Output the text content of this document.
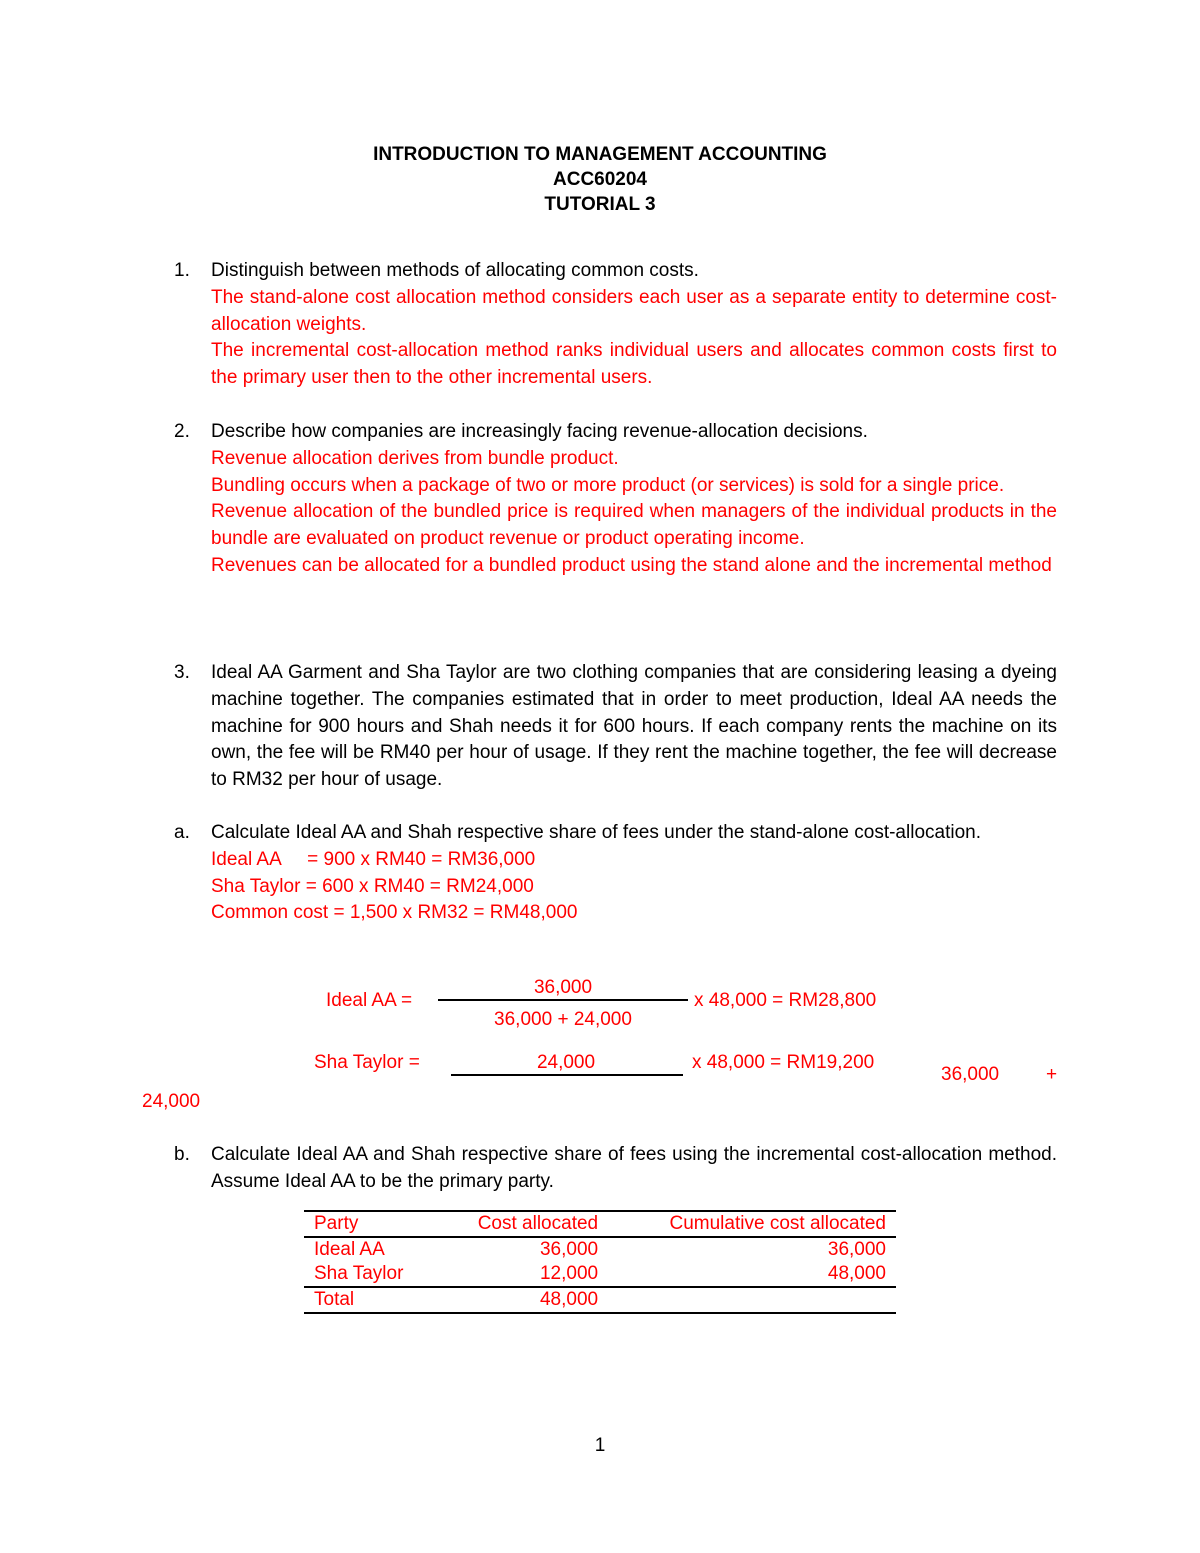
INTRODUCTION TO MANAGEMENT ACCOUNTING
ACC60204
TUTORIAL 3
1. Distinguish between methods of allocating common costs.
The stand-alone cost allocation method considers each user as a separate entity to determine cost-allocation weights.
The incremental cost-allocation method ranks individual users and allocates common costs first to the primary user then to the other incremental users.
2. Describe how companies are increasingly facing revenue-allocation decisions.
Revenue allocation derives from bundle product.
Bundling occurs when a package of two or more product (or services) is sold for a single price.
Revenue allocation of the bundled price is required when managers of the individual products in the bundle are evaluated on product revenue or product operating income.
Revenues can be allocated for a bundled product using the stand alone and the incremental method
3. Ideal AA Garment and Sha Taylor are two clothing companies that are considering leasing a dyeing machine together. The companies estimated that in order to meet production, Ideal AA needs the machine for 900 hours and Shah needs it for 600 hours. If each company rents the machine on its own, the fee will be RM40 per hour of usage. If they rent the machine together, the fee will decrease to RM32 per hour of usage.
a. Calculate Ideal AA and Shah respective share of fees under the stand-alone cost-allocation.
Ideal AA     = 900 x RM40 = RM36,000
Sha Taylor = 600 x RM40 = RM24,000
Common cost = 1,500 x RM32 = RM48,000
Ideal AA =
36,000
36,000 + 24,000
x 48,000 = RM28,800
Sha Taylor =	24,000	x 48,000 = RM19,200
36,000 +
24,000
b. Calculate Ideal AA and Shah respective share of fees using the incremental cost-allocation method. Assume Ideal AA to be the primary party.
Party	Cost allocated	Cumulative cost allocated
Ideal AA	36,000	36,000
Sha Taylor	12,000	48,000
Total	48,000	
1
